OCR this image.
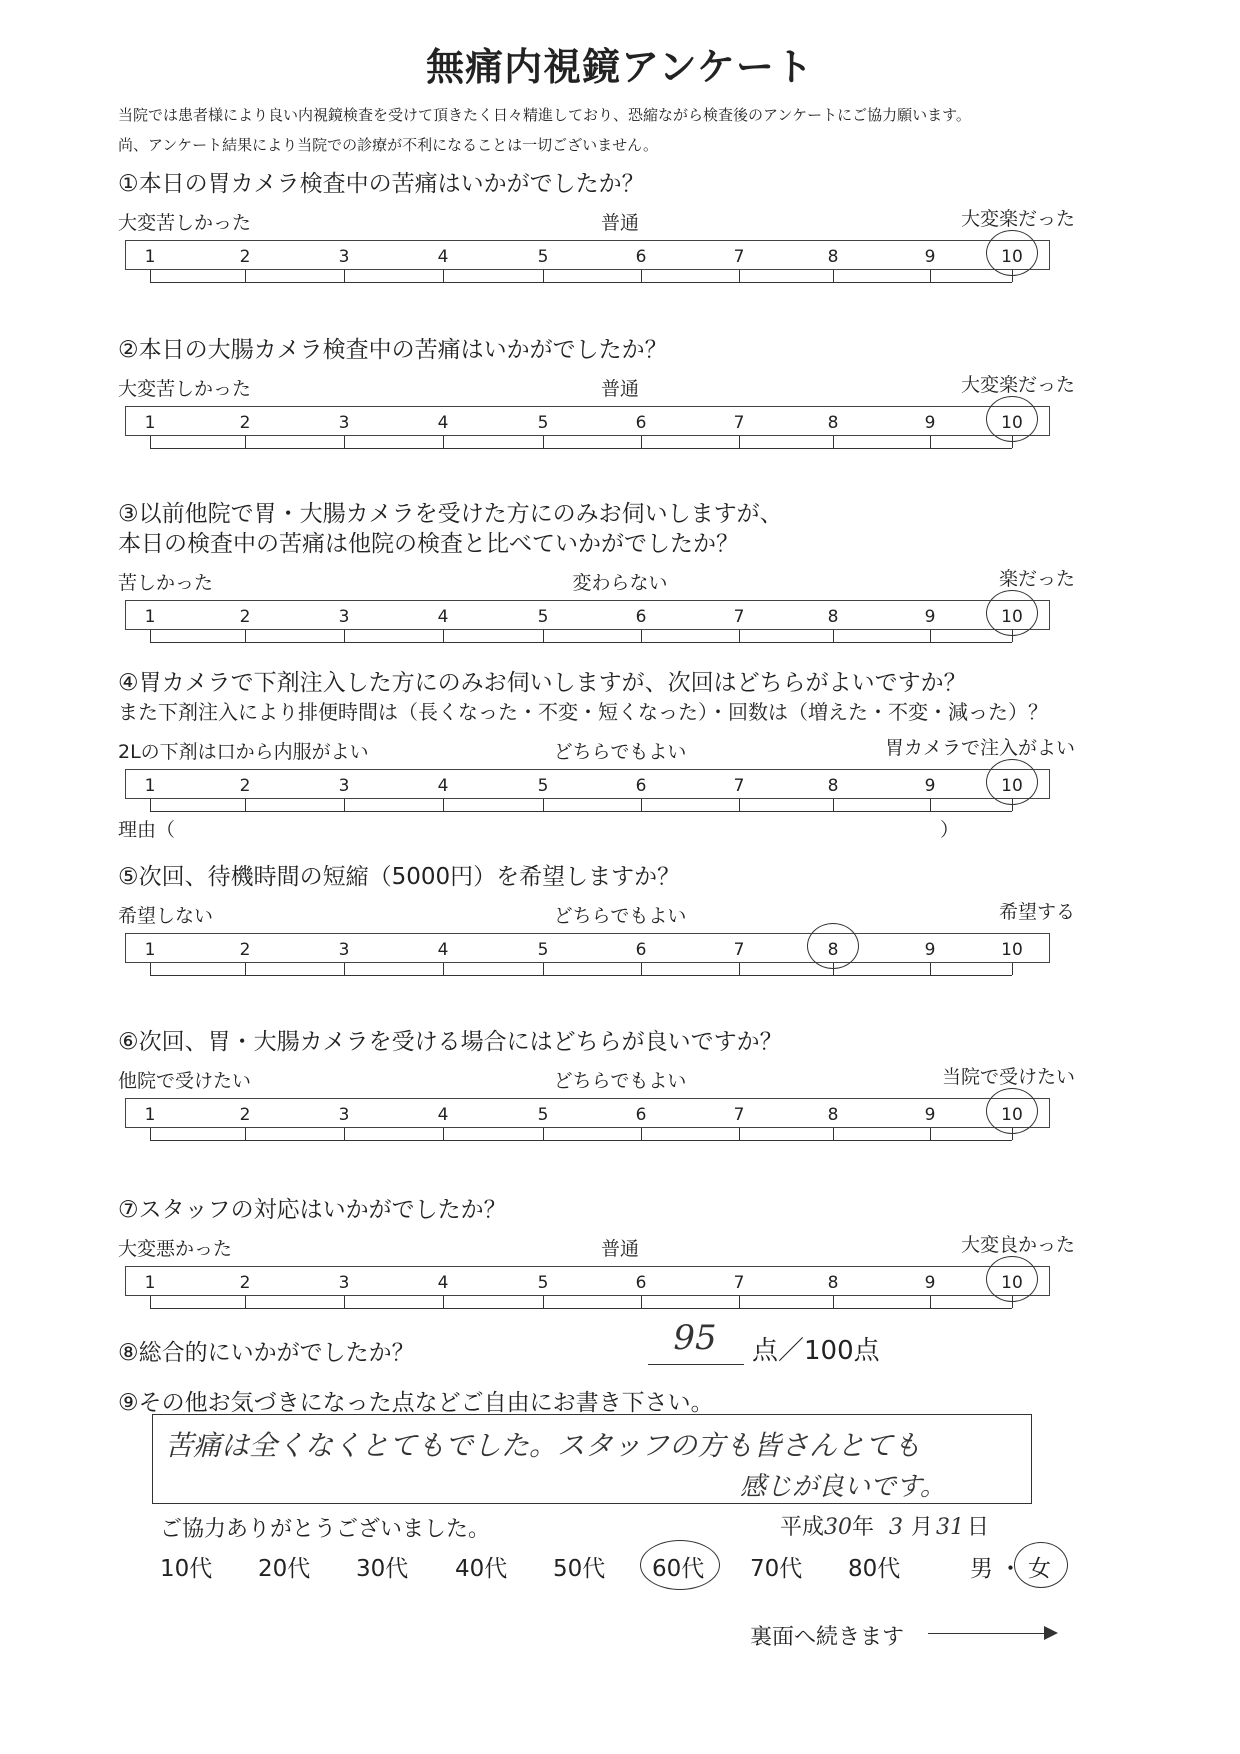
無痛内視鏡アンケート
当院では患者様により良い内視鏡検査を受けて頂きたく日々精進しており、恐縮ながら検査後のアンケートにご協力願います。
尚、アンケート結果により当院での診療が不利になることは一切ございません。
①本日の胃カメラ検査中の苦痛はいかがでしたか？
大変苦しかった	普通	大変楽だった
1	2	3	4	5	6	7	8	9	10
②本日の大腸カメラ検査中の苦痛はいかがでしたか？
大変苦しかった	普通	大変楽だった
1	2	3	4	5	6	7	8	9	10
③以前他院で胃・大腸カメラを受けた方にのみお伺いしますが、
本日の検査中の苦痛は他院の検査と比べていかがでしたか？
苦しかった	変わらない	楽だった
1	2	3	4	5	6	7	8	9	10
④胃カメラで下剤注入した方にのみお伺いしますが、次回はどちらがよいですか？
また下剤注入により排便時間は（長くなった・不変・短くなった）・回数は（増えた・不変・減った）？
2Lの下剤は口から内服がよい	どちらでもよい	胃カメラで注入がよい
1	2	3	4	5	6	7	8	9	10
理由（	）
⑤次回、待機時間の短縮（5000円）を希望しますか？
希望しない	どちらでもよい	希望する
1	2	3	4	5	6	7	8	9	10
⑥次回、胃・大腸カメラを受ける場合にはどちらが良いですか？
他院で受けたい	どちらでもよい	当院で受けたい
1	2	3	4	5	6	7	8	9	10
⑦スタッフの対応はいかがでしたか？
大変悪かった	普通	大変良かった
1	2	3	4	5	6	7	8	9	10
⑧総合的にいかがでしたか？	95	点／100点
⑨その他お気づきになった点などご自由にお書き下さい。
苦痛は全くなくとてもでした。スタッフの方も皆さんとても
感じが良いです。
ご協力ありがとうございました。	平成30年 3 月 31 日
10代 20代 30代 40代 50代 60代 70代 80代	男 ・ 女
裏面へ続きます
